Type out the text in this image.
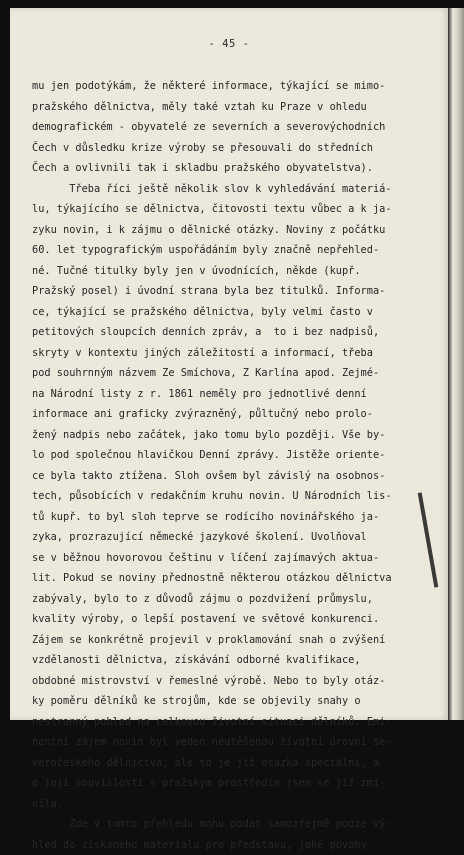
- 45 -
mu jen podotýkám, že některé informace, týkající se mimo-
pražského dělnictva, měly také vztah ku Praze v ohledu
demografickém - obyvatelé ze severních a severovýchodních
Čech v důsledku krize výroby se přesouvali do středních
Čech a ovlivnili tak i skladbu pražského obyvatelstva).
Třeba říci ještě několik slov k vyhledávání materiá-
lu, týkajícího se dělnictva, čitovosti textu vůbec a k ja-
zyku novin, i k zájmu o dělnické otázky. Noviny z počátku
60. let typografickým uspořádáním byly značně nepřehled-
né. Tučné titulky byly jen v úvodnících, někde (kupř.
Pražský posel) i úvodní strana byla bez titulků. Informa-
ce, týkající se pražského dělnictva, byly velmi často v
petitových sloupcích denních zpráv, a  to i bez nadpisů,
skryty v kontextu jiných záležitostí a informací, třeba
pod souhrnným názvem Ze Smíchova, Z Karlína apod. Zejmé-
na Národní listy z r. 1861 neměly pro jednotlivé denní
informace ani graficky zvýrazněný, půltučný nebo prolo-
žený nadpis nebo začátek, jako tomu bylo později. Vše by-
lo pod společnou hlavičkou Denní zprávy. Jistěže oriente-
ce byla takto ztížena. Sloh ovšem byl závislý na osobnos-
tech, působících v redakčním kruhu novin. U Národních lis-
tů kupř. to byl sloh teprve se rodícího novinářského ja-
zyka, prozrazující německé jazykové školení. Uvolňoval
se v běžnou hovorovou češtinu v líčení zajímavých aktua-
lit. Pokud se noviny přednostně některou otázkou dělnictva
zabývaly, bylo to z důvodů zájmu o pozdvižení průmyslu,
kvality výroby, o lepší postavení ve světové konkurenci.
Zájem se konkrétně projevil v proklamování snah o zvýšení
vzdělanosti dělnictva, získávání odborné kvalifikace,
obdobné mistrovství v řemeslné výrobě. Nebo to byly otáz-
ky poměru dělníků ke strojům, kde se objevily snahy o
nestranný pohled na celkovou životní situaci dělníků. Emi-
nentní zájem novin byl veden neutěšenou životní úrovní se-
veročeského dělnictva; ale to je již otázka speciální, a
o její souvislosti s pražským prostředím jsem se již zmí-
nila.
Zde v tomto přehledu mohu podat samozřejmě pouze vý-
hled do získaného materiálu pro představu, jaké povahy
